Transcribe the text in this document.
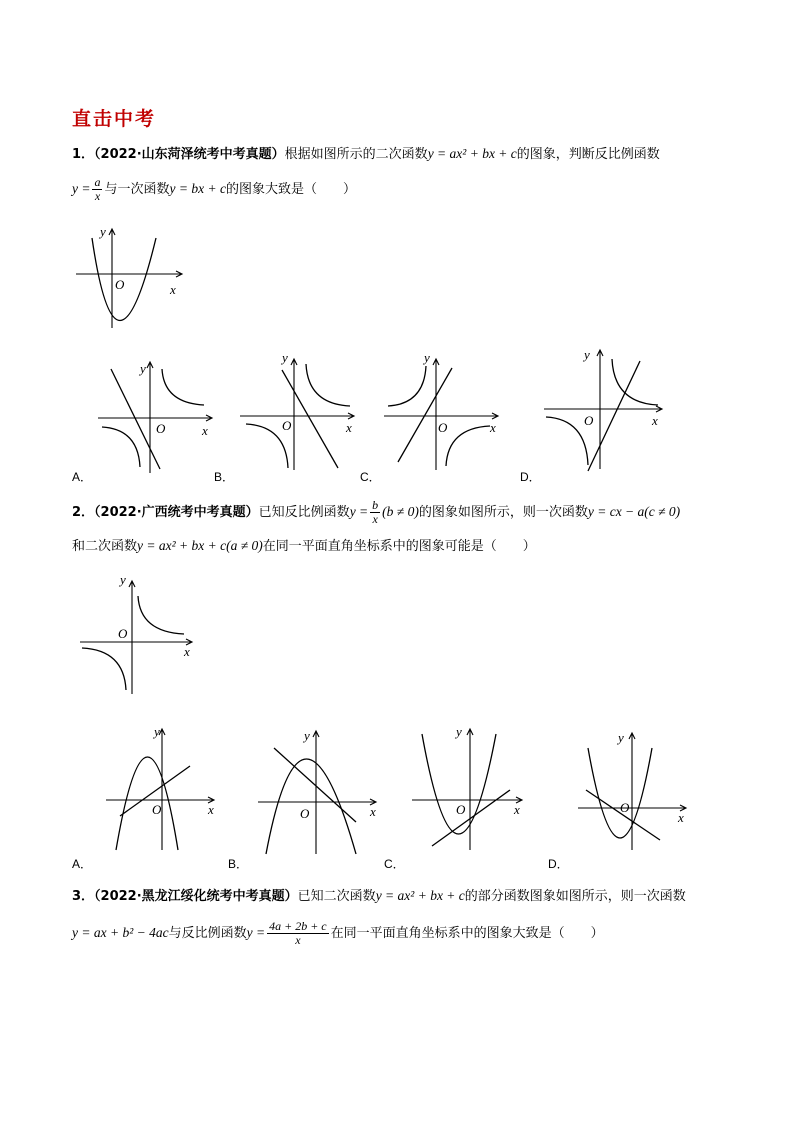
直击中考
1．（2022·山东菏泽统考中考真题）根据如图所示的二次函数y = ax² + bx + c的图象，判断反比例函数
$y = \frac{a}{x}$ 与一次函数y = bx + c的图象大致是（　　）
x
y
O
x
y
O
A．
x
y
O
B．
x
y
O
C．
x
y
O
D．
2．（2022·广西统考中考真题）已知反比例函数$y = \frac{b}{x} (b \ne 0)$的图象如图所示，则一次函数y = cx − a(c ≠ 0)
和二次函数y = ax² + bx + c(a ≠ 0)在同一平面直角坐标系中的图象可能是（　　）
x
y
O
x
y
O
A．
x
y
O
B．
x
y
O
C．
x
y
O
D．
3．（2022·黑龙江绥化统考中考真题）已知二次函数y = ax² + bx + c的部分函数图象如图所示，则一次函数
y = ax + b² − 4ac与反比例函数$y = \frac{4a + 2b + c}{x}$ 在同一平面直角坐标系中的图象大致是（　　）
